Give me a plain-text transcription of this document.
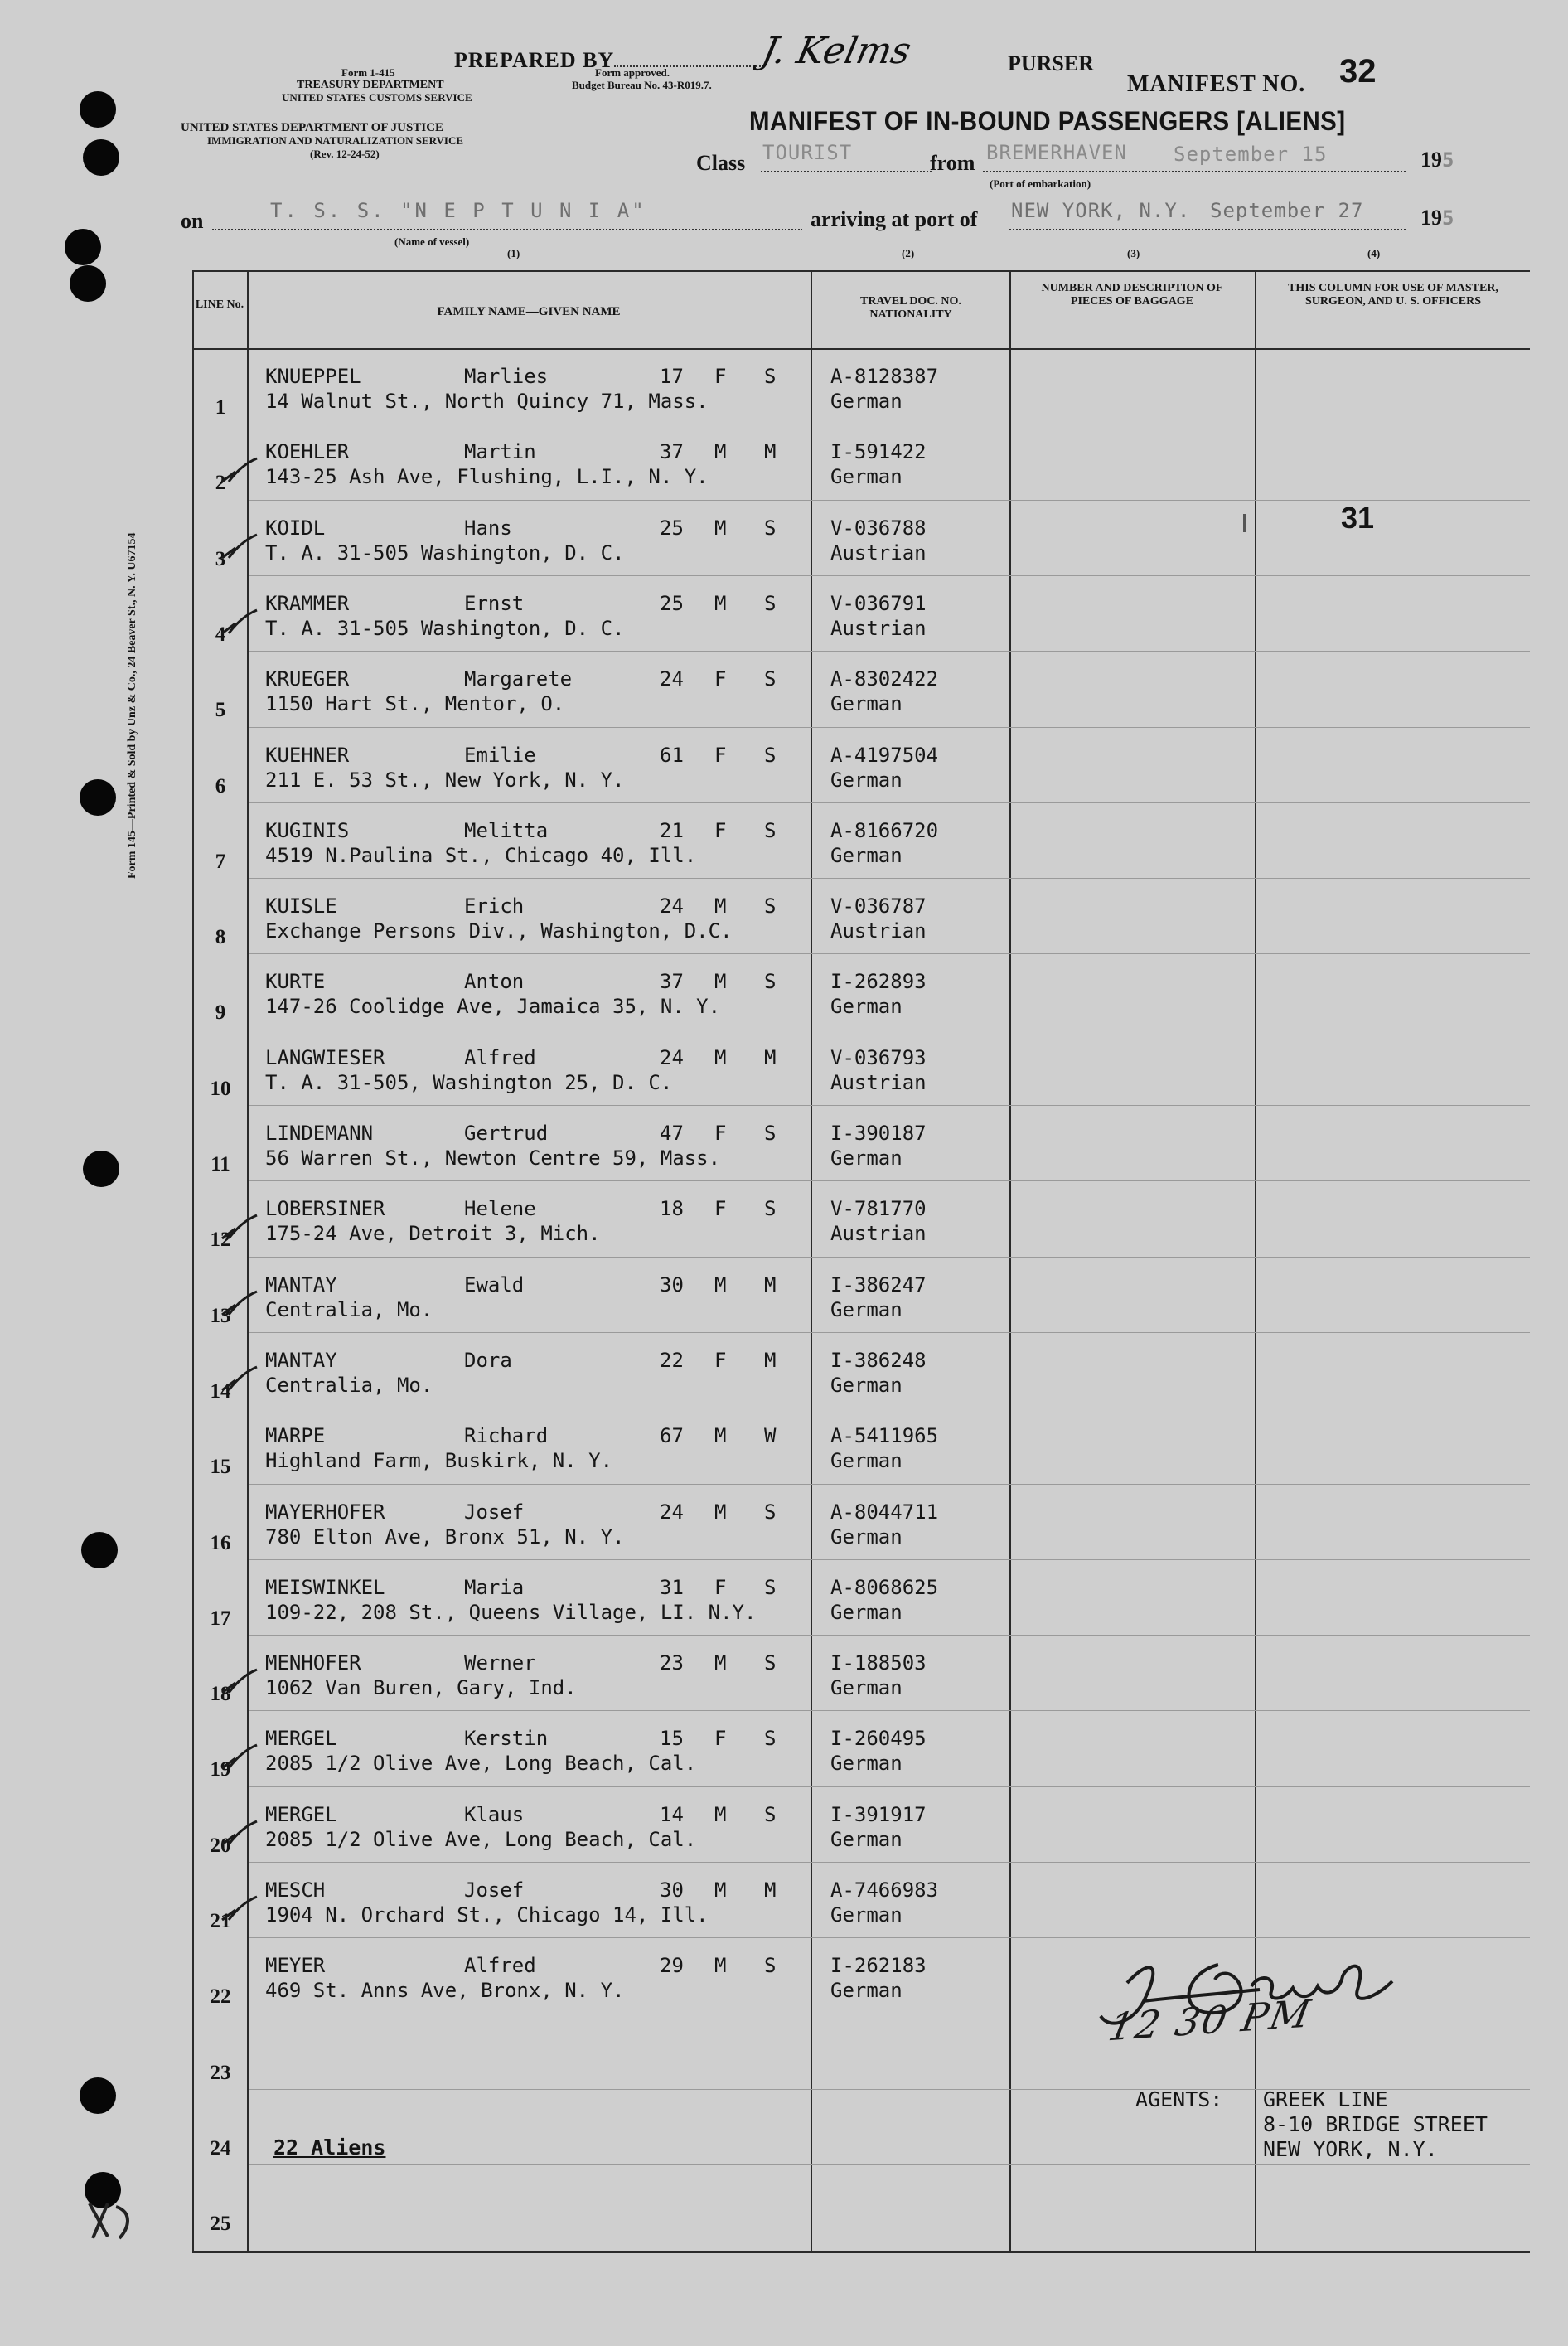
Form 145—Printed & Sold by Unz & Co., 24 Beaver St., N. Y. U67154
PREPARED BY	J. Kelms	PURSER
MANIFEST NO. 32
Form 1-415
TREASURY DEPARTMENT
UNITED STATES CUSTOMS SERVICE
Form approved.
Budget Bureau No. 43-R019.7.
UNITED STATES DEPARTMENT OF JUSTICE
IMMIGRATION AND NATURALIZATION SERVICE
(Rev. 12-24-52)
MANIFEST OF IN-BOUND PASSENGERS [ALIENS]
Class TOURIST	from BREMERHAVEN September 15	195
(Port of embarkation)
on	T. S. S. "N E P T U N I A"
(Name of vessel)
(1)
arriving at port of NEW YORK, N.Y. September 27	195
(2)	(3)	(4)
LINE No.
FAMILY NAME—GIVEN NAME
TRAVEL DOC. NO. NATIONALITY
NUMBER AND DESCRIPTION OF PIECES OF BAGGAGE
THIS COLUMN FOR USE OF MASTER, SURGEON, AND U. S. OFFICERS
1
KNUEPPEL	Marlies	17 F S
14 Walnut St., North Quincy 71, Mass.
A-8128387
German
2
KOEHLER	Martin	37 M M
143-25 Ash Ave, Flushing, L.I., N. Y.
I-591422
German
3
KOIDL	Hans	25 M S
T. A. 31-505 Washington, D. C.
V-036788
Austrian
4
KRAMMER	Ernst	25 M S
T. A. 31-505 Washington, D. C.
V-036791
Austrian
5
KRUEGER	Margarete	24 F S
1150 Hart St., Mentor, O.
A-8302422
German
6
KUEHNER	Emilie	61 F S
211 E. 53 St., New York, N. Y.
A-4197504
German
7
KUGINIS	Melitta	21 F S
4519 N.Paulina St., Chicago 40, Ill.
A-8166720
German
8
KUISLE	Erich	24 M S
Exchange Persons Div., Washington, D.C.
V-036787
Austrian
9
KURTE	Anton	37 M S
147-26 Coolidge Ave, Jamaica 35, N. Y.
I-262893
German
10
LANGWIESER	Alfred	24 M M
T. A. 31-505, Washington 25, D. C.
V-036793
Austrian
11
LINDEMANN	Gertrud	47 F S
56 Warren St., Newton Centre 59, Mass.
I-390187
German
12
LOBERSINER	Helene	18 F S
175-24 Ave, Detroit 3, Mich.
V-781770
Austrian
13
MANTAY	Ewald	30 M M
Centralia, Mo.
I-386247
German
14
MANTAY	Dora	22 F M
Centralia, Mo.
I-386248
German
15
MARPE	Richard	67 M W
Highland Farm, Buskirk, N. Y.
A-5411965
German
16
MAYERHOFER	Josef	24 M S
780 Elton Ave, Bronx 51, N. Y.
A-8044711
German
17
MEISWINKEL	Maria	31 F S
109-22, 208 St., Queens Village, LI. N.Y.
A-8068625
German
18
MENHOFER	Werner	23 M S
1062 Van Buren, Gary, Ind.
I-188503
German
19
MERGEL	Kerstin	15 F S
2085 1/2 Olive Ave, Long Beach, Cal.
I-260495
German
20
MERGEL	Klaus	14 M S
2085 1/2 Olive Ave, Long Beach, Cal.
I-391917
German
21
MESCH	Josef	30 M M
1904 N. Orchard St., Chicago 14, Ill.
A-7466983
German
22
MEYER	Alfred	29 M S
469 St. Anns Ave, Bronx, N. Y.
I-262183
German
23
24
25
31
12 30 PM
AGENTS: GREEK LINE
8-10 BRIDGE STREET
NEW YORK, N.Y.
22 Aliens
